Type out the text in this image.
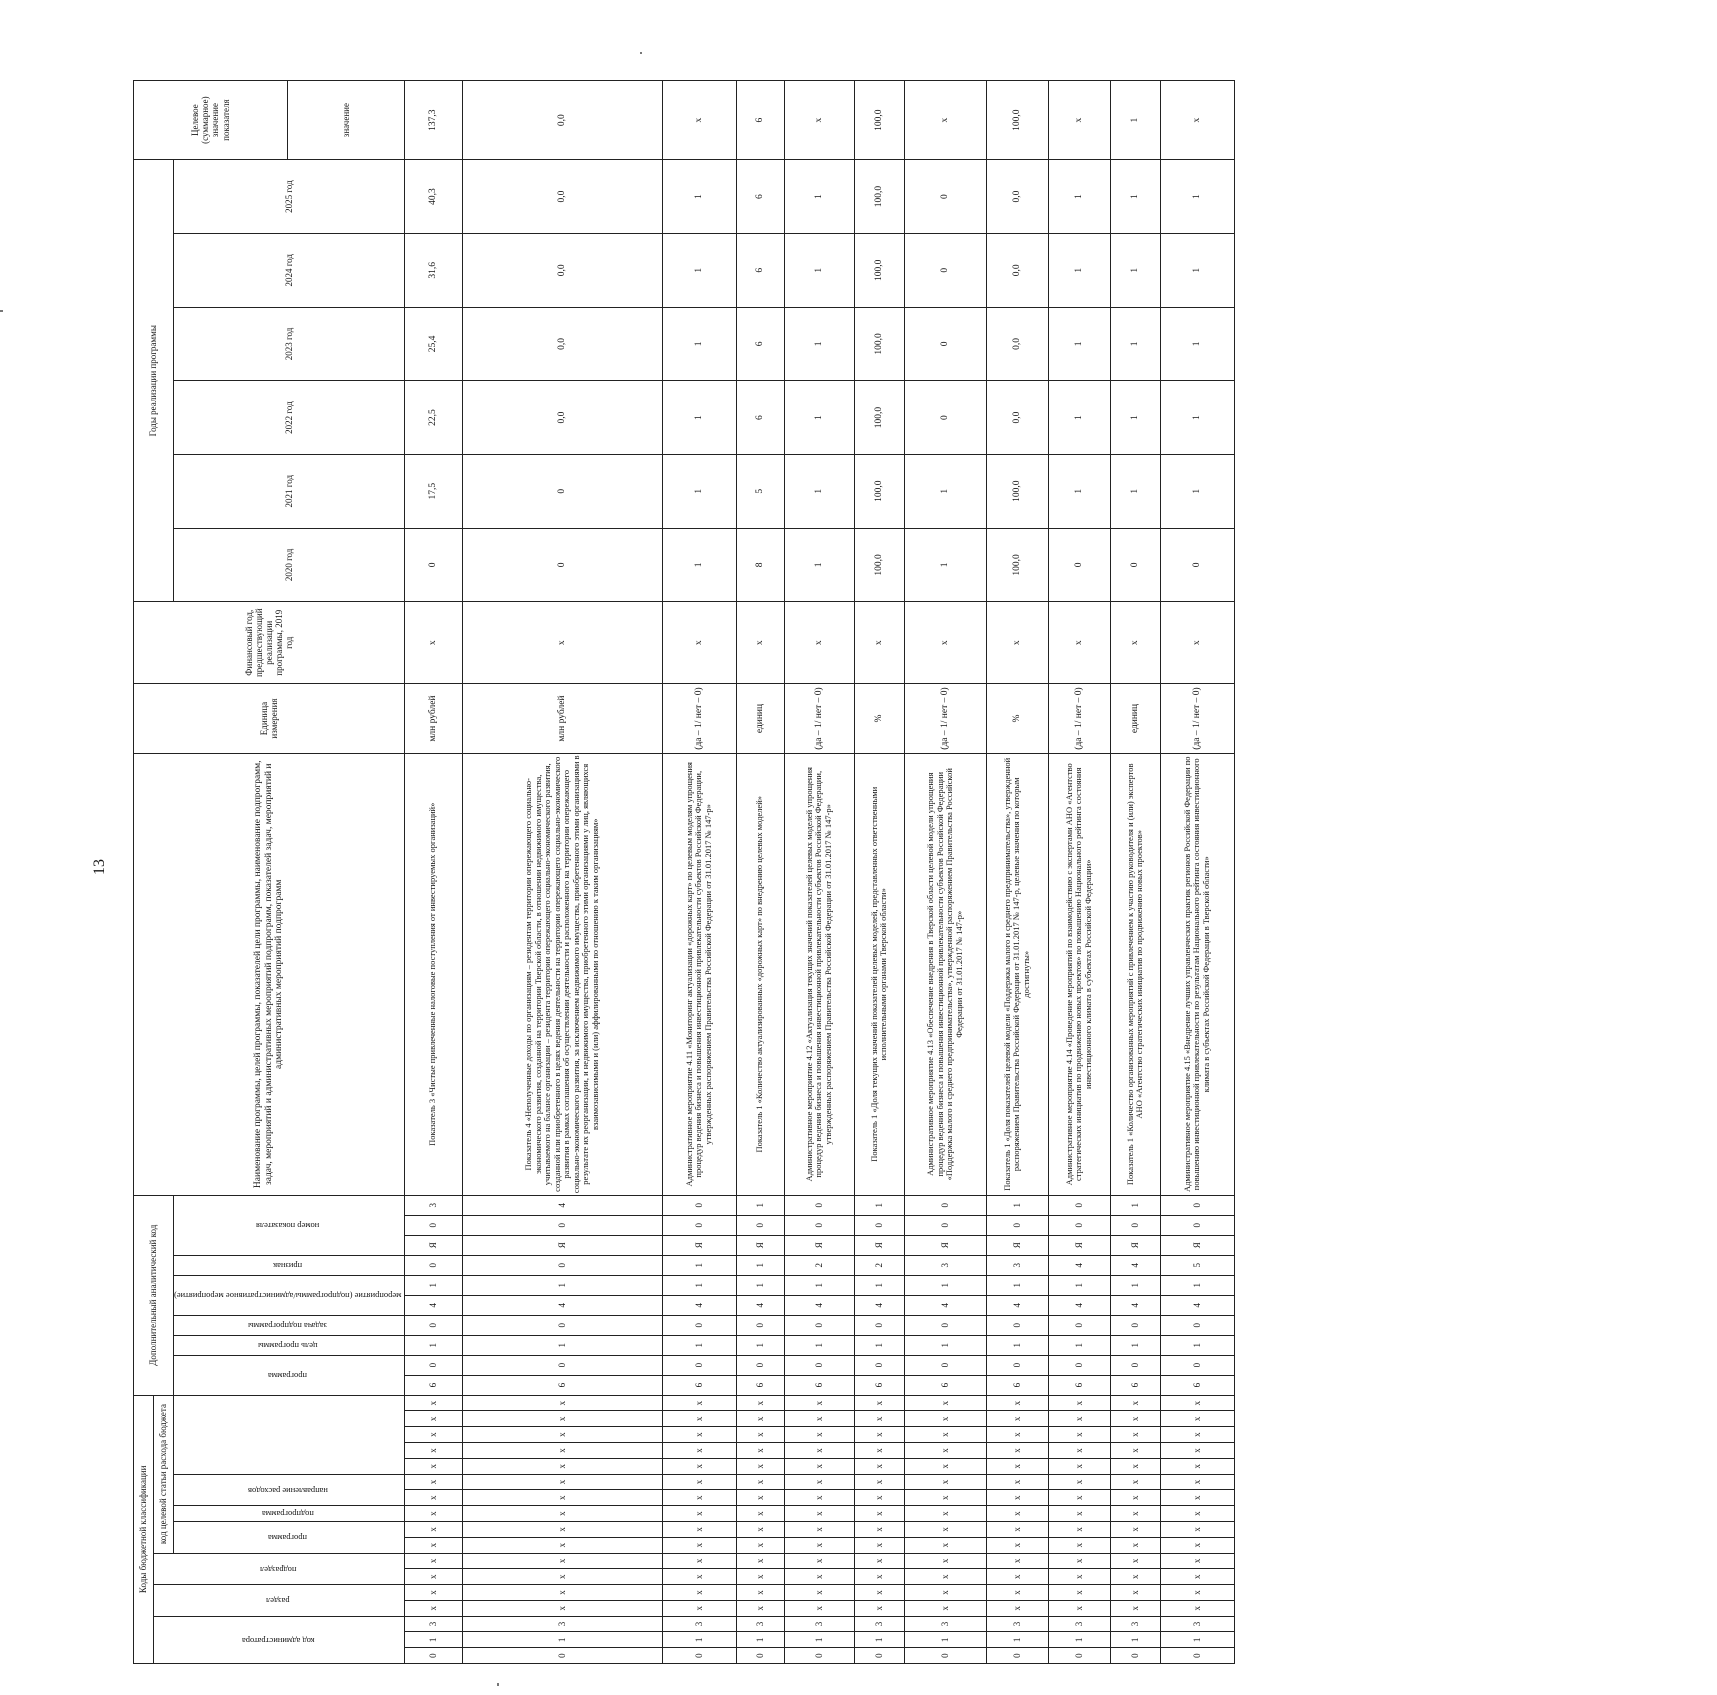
13
Коды бюджетной классификации																	Дополнительный аналитический код										Наименование программы, целей программы, показателей цели программы, наименование подпрограмм, задач, мероприятий и административных мероприятий подпрограмм, показателей задач, мероприятий и административных мероприятий подпрограмм	Единица измерения	Финансовый год, предшествующий реализации программы, 2019 год	Годы реализации программы						Целевое (суммарное) значение показателя
код администратора			раздел		подраздел		код целевой статьи расхода бюджета																													
							программа		подпрограмма	направление расходов							программа		цель программы	задача подпрограммы	мероприятие (подпрограммы/административное мероприятие)		признак	номер показателя						2020 год	2021 год	2022 год	2023 год	2024 год	2025 год	
																																				значение
0	1	3	x	x	x	x	x	x	x	x	x	x	x	x	x	x	6	0	1	0	4	1	0	Я	0	3	Показатель 3 «Чистые привлеченные налоговые поступления от инвестируемых организаций»	млн рублей	x	0	17,5	22,5	25,4	31,6	40,3	137,3
0	1	3	x	x	x	x	x	x	x	x	x	x	x	x	x	x	6	0	1	0	4	1	0	Я	0	4	Показатель 4 «Неполученные доходы по организациям – резидентам территории опережающего социально-экономического развития, созданной на территории Тверской области, в отношении недвижимого имущества, учитываемого на балансе организации – резидента территории опережающего социально-экономического развития, созданной или приобретенного в целях ведения деятельности на территории опережающего социально-экономического развития в рамках соглашения об осуществлении деятельности и расположенного на территории опережающего социально-экономического развития, за исключением недвижимого имущества, приобретенного этими организациями в результате их реорганизации, и недвижимого имущества, приобретенного этими организациями у лиц, являющихся взаимозависимыми и (или) аффилированными по отношению к таким организациям»	млн рублей	x	0	0	0,0	0,0	0,0	0,0	0,0
0	1	3	x	x	x	x	x	x	x	x	x	x	x	x	x	x	6	0	1	0	4	1	1	Я	0	0	Административное мероприятие 4.11 «Мониторинг актуализации «дорожных карт» по целевым моделям упрощения процедур ведения бизнеса и повышения инвестиционной привлекательности субъектов Российской Федерации, утвержденных распоряжением Правительства Российской Федерации от 31.01.2017 № 147-р»	(да – 1/ нет – 0)	x	1	1	1	1	1	1	x
0	1	3	x	x	x	x	x	x	x	x	x	x	x	x	x	x	6	0	1	0	4	1	1	Я	0	1	Показатель 1 «Количество актуализированных «дорожных карт» по внедрению целевых моделей»	единиц	x	8	5	6	6	6	6	6
0	1	3	x	x	x	x	x	x	x	x	x	x	x	x	x	x	6	0	1	0	4	1	2	Я	0	0	Административное мероприятие 4.12 «Актуализация текущих значений показателей целевых моделей упрощения процедур ведения бизнеса и повышения инвестиционной привлекательности субъектов Российской Федерации, утвержденных распоряжением Правительства Российской Федерации от 31.01.2017 № 147-р»	(да – 1/ нет – 0)	x	1	1	1	1	1	1	x
0	1	3	x	x	x	x	x	x	x	x	x	x	x	x	x	x	6	0	1	0	4	1	2	Я	0	1	Показатель 1 «Доля текущих значений показателей целевых моделей, представленных ответственными исполнительными органами Тверской области»	%	x	100,0	100,0	100,0	100,0	100,0	100,0	100,0
0	1	3	x	x	x	x	x	x	x	x	x	x	x	x	x	x	6	0	1	0	4	1	3	Я	0	0	Административное мероприятие 4.13 «Обеспечение внедрения в Тверской области целевой модели упрощения процедур ведения бизнеса и повышения инвестиционной привлекательности субъектов Российской Федерации «Поддержка малого и среднего предпринимательства», утвержденной распоряжением Правительства Российской Федерации от 31.01.2017 № 147-р»	(да – 1/ нет – 0)	x	1	1	0	0	0	0	x
0	1	3	x	x	x	x	x	x	x	x	x	x	x	x	x	x	6	0	1	0	4	1	3	Я	0	1	Показатель 1 «Доля показателей целевой модели «Поддержка малого и среднего предпринимательства», утвержденной распоряжением Правительства Российской Федерации от 31.01.2017 № 147-р, целевые значения по которым достигнуты»	%	x	100,0	100,0	0,0	0,0	0,0	0,0	100,0
0	1	3	x	x	x	x	x	x	x	x	x	x	x	x	x	x	6	0	1	0	4	1	4	Я	0	0	Административное мероприятие 4.14 «Проведение мероприятий по взаимодействию с экспертами АНО «Агентство стратегических инициатив по продвижению новых проектов» по повышению Национального рейтинга состояния инвестиционного климата в субъектах Российской Федерации»	(да – 1/ нет – 0)	x	0	1	1	1	1	1	x
0	1	3	x	x	x	x	x	x	x	x	x	x	x	x	x	x	6	0	1	0	4	1	4	Я	0	1	Показатель 1 «Количество организованных мероприятий с привлечением к участию руководителя и (или) экспертов АНО «Агентство стратегических инициатив по продвижению новых проектов»	единиц	x	0	1	1	1	1	1	1
0	1	3	x	x	x	x	x	x	x	x	x	x	x	x	x	x	6	0	1	0	4	1	5	Я	0	0	Административное мероприятие 4.15 «Внедрение лучших управленческих практик регионов Российской Федерации по повышению инвестиционной привлекательности по результатам Национального рейтинга состояния инвестиционного климата в субъектах Российской Федерации в Тверской области»	(да – 1/ нет – 0)	x	0	1	1	1	1	1	x
